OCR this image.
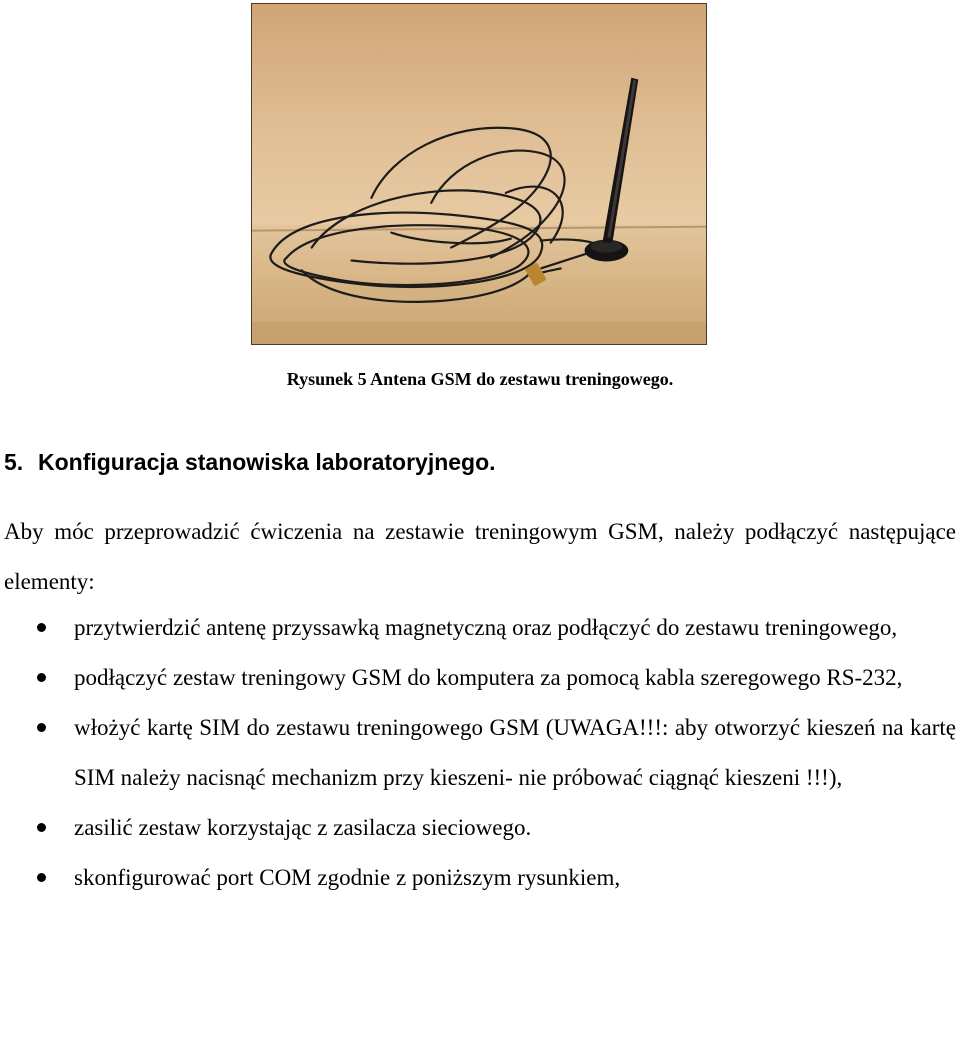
Rysunek 5 Antena GSM do zestawu treningowego.
5. Konfiguracja stanowiska laboratoryjnego.

Aby móc przeprowadzić ćwiczenia na zestawie treningowym GSM, należy podłączyć następujące elementy:

przytwierdzić antenę przyssawką magnetyczną oraz podłączyć do zestawu treningowego,
podłączyć zestaw treningowy GSM do komputera za pomocą kabla szeregowego RS-232,
włożyć kartę SIM do zestawu treningowego GSM (UWAGA!!!: aby otworzyć kieszeń na kartę SIM należy nacisnąć mechanizm przy kieszeni- nie próbować ciągnąć kieszeni !!!),
zasilić zestaw korzystając z zasilacza sieciowego.
skonfigurować port COM zgodnie z poniższym rysunkiem,
